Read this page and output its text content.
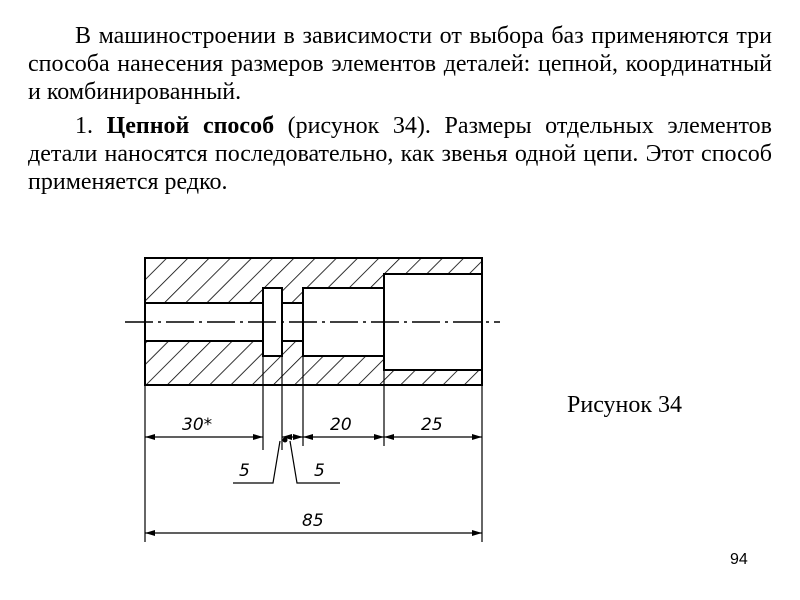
В машиностроении в зависимости от выбора баз применяются три способа нанесения размеров элементов деталей: цепной, координатный и комбинированный.

1. Цепной способ (рисунок 34). Размеры отдельных элементов детали наносятся последовательно, как звенья одной цепи. Этот способ применяется редко.

30*	20	25
5	5
85
Рисунок 34
94
